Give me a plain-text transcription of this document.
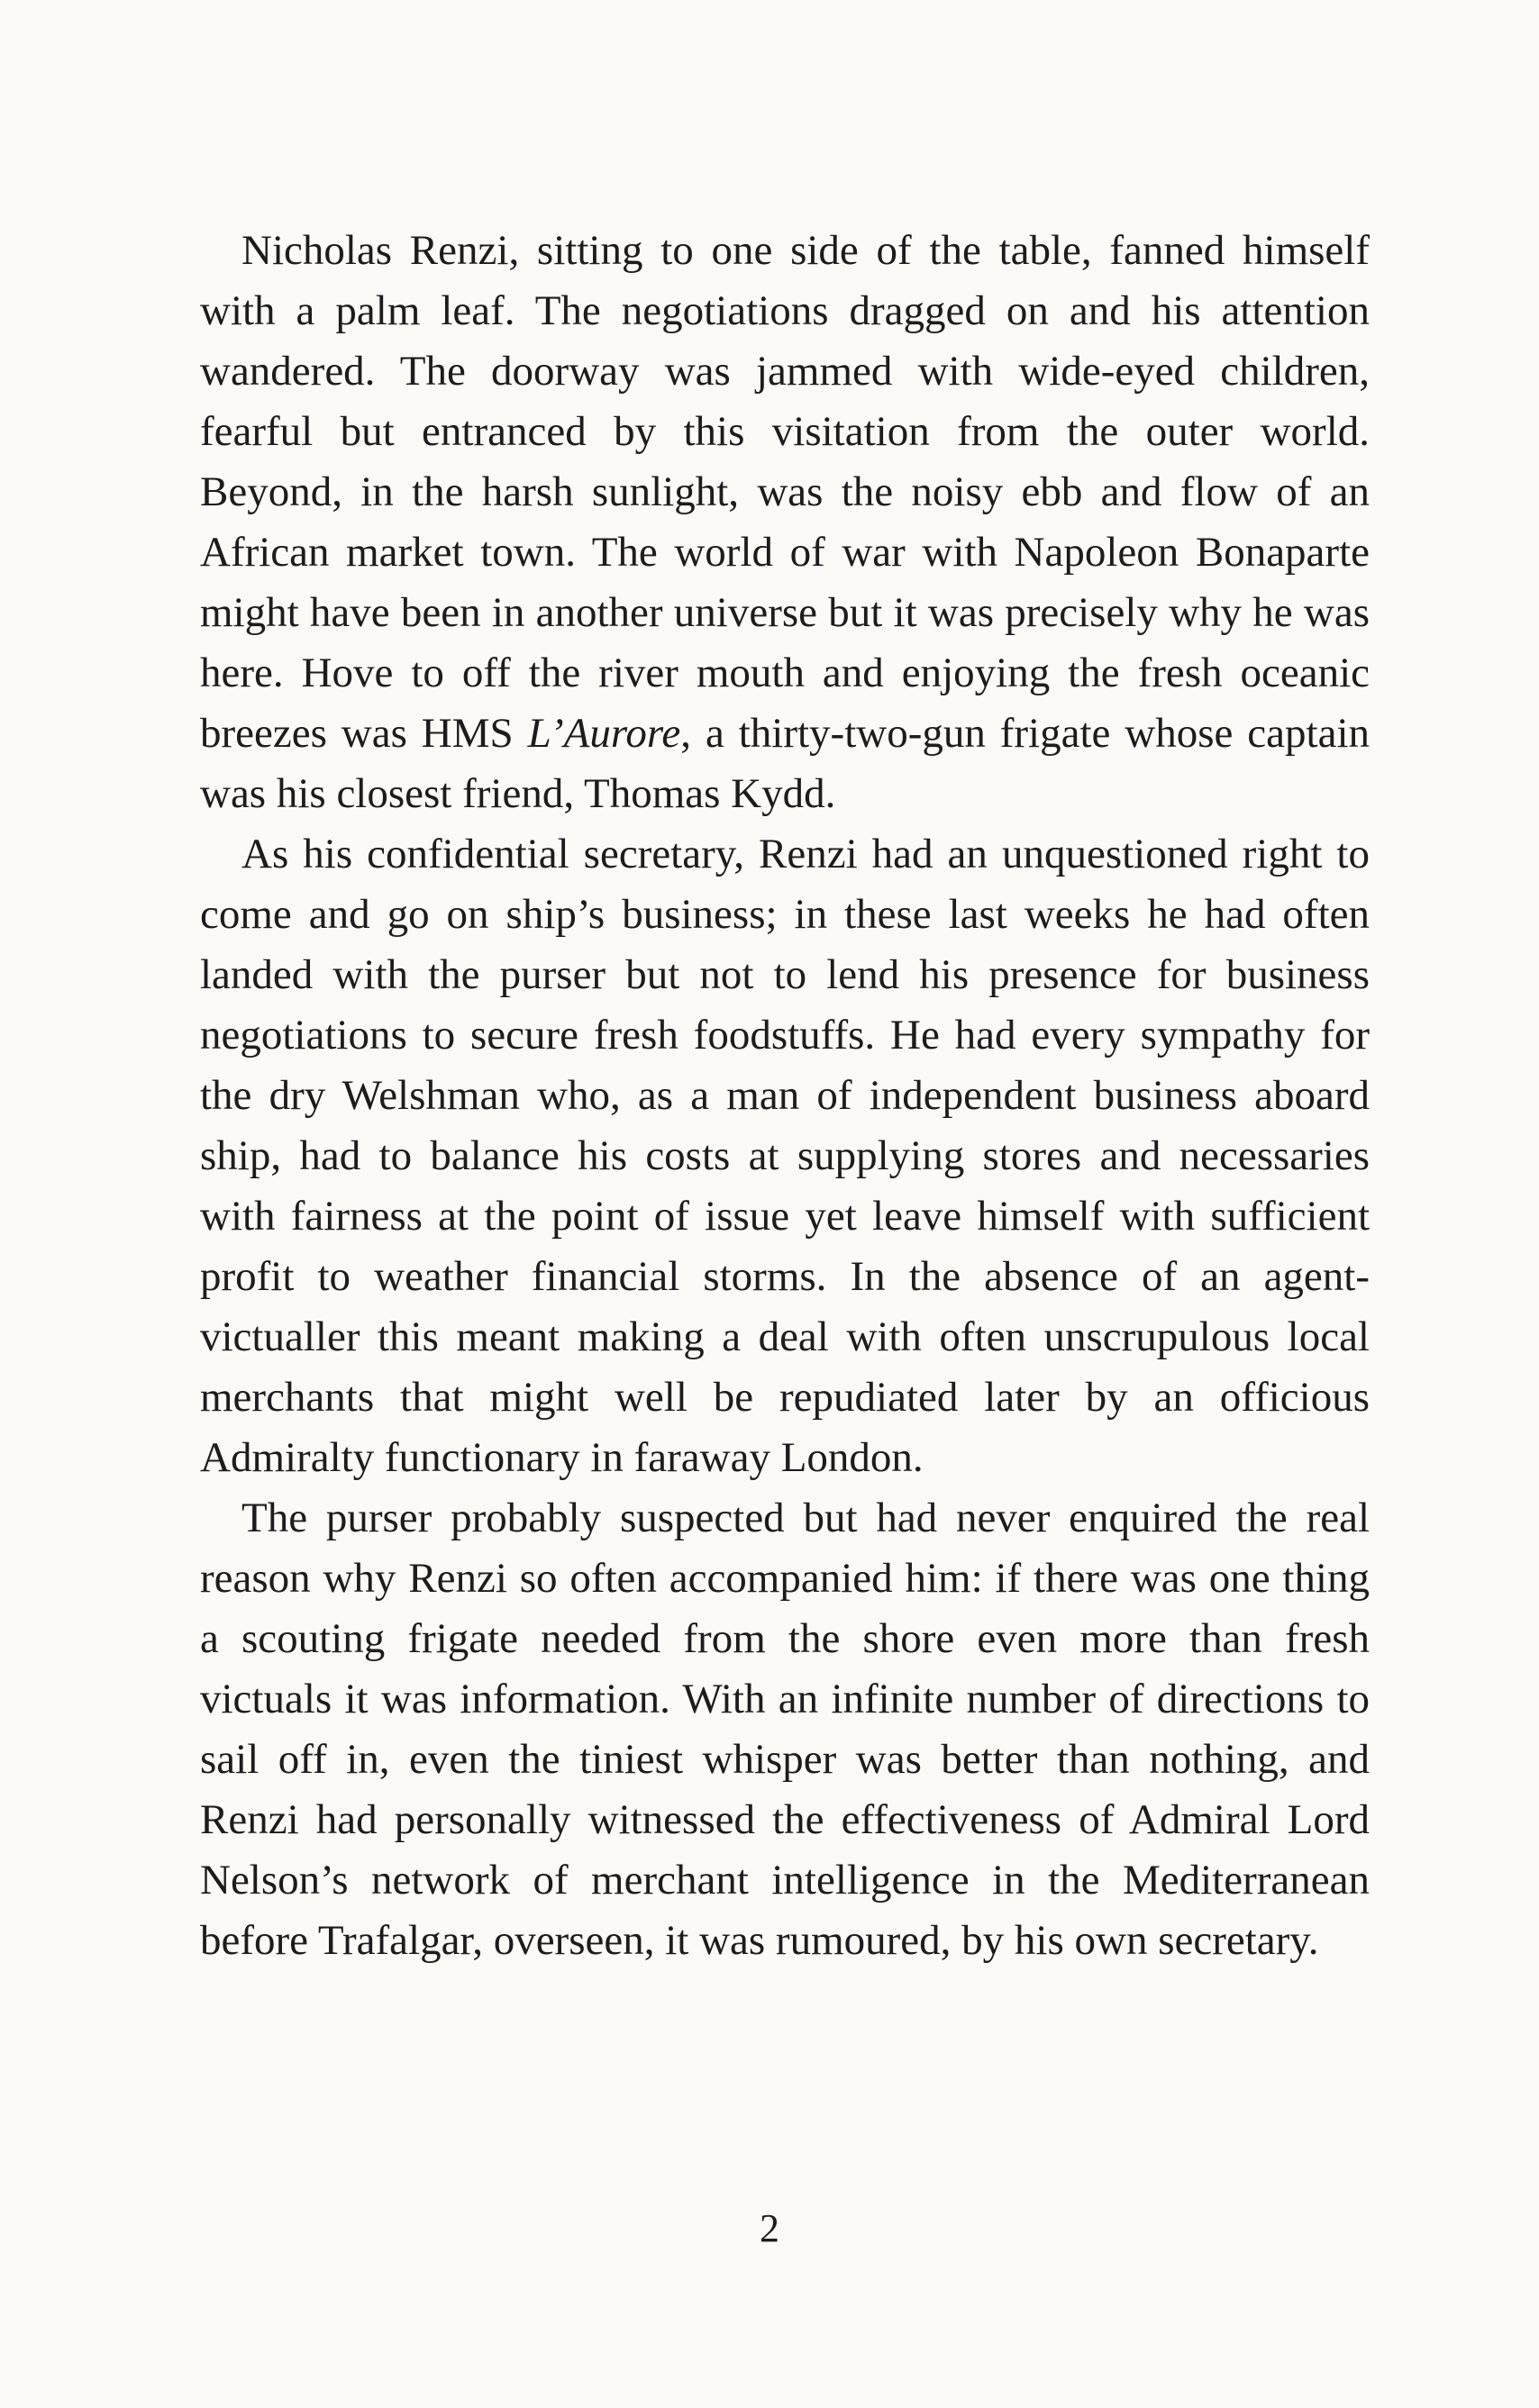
Nicholas Renzi, sitting to one side of the table, fanned himself with a palm leaf. The negotiations dragged on and his attention wandered. The doorway was jammed with wide-eyed children, fearful but entranced by this visitation from the outer world. Beyond, in the harsh sunlight, was the noisy ebb and flow of an African market town. The world of war with Napoleon Bonaparte might have been in another universe but it was precisely why he was here. Hove to off the river mouth and enjoying the fresh oceanic breezes was HMS L’Aurore, a thirty-two-gun frigate whose captain was his closest friend, Thomas Kydd.

As his confidential secretary, Renzi had an unquestioned right to come and go on ship’s business; in these last weeks he had often landed with the purser but not to lend his presence for business negotiations to secure fresh foodstuffs. He had every sympathy for the dry Welshman who, as a man of independent business aboard ship, had to balance his costs at supplying stores and necessaries with fairness at the point of issue yet leave himself with sufficient profit to weather financial storms. In the absence of an agent-victualler this meant making a deal with often unscrupulous local merchants that might well be repudiated later by an officious Admiralty functionary in faraway London.

The purser probably suspected but had never enquired the real reason why Renzi so often accompanied him: if there was one thing a scouting frigate needed from the shore even more than fresh victuals it was information. With an infinite number of directions to sail off in, even the tiniest whisper was better than nothing, and Renzi had personally witnessed the effectiveness of Admiral Lord Nelson’s network of merchant intelligence in the Mediterranean before Trafalgar, overseen, it was rumoured, by his own secretary.

2
